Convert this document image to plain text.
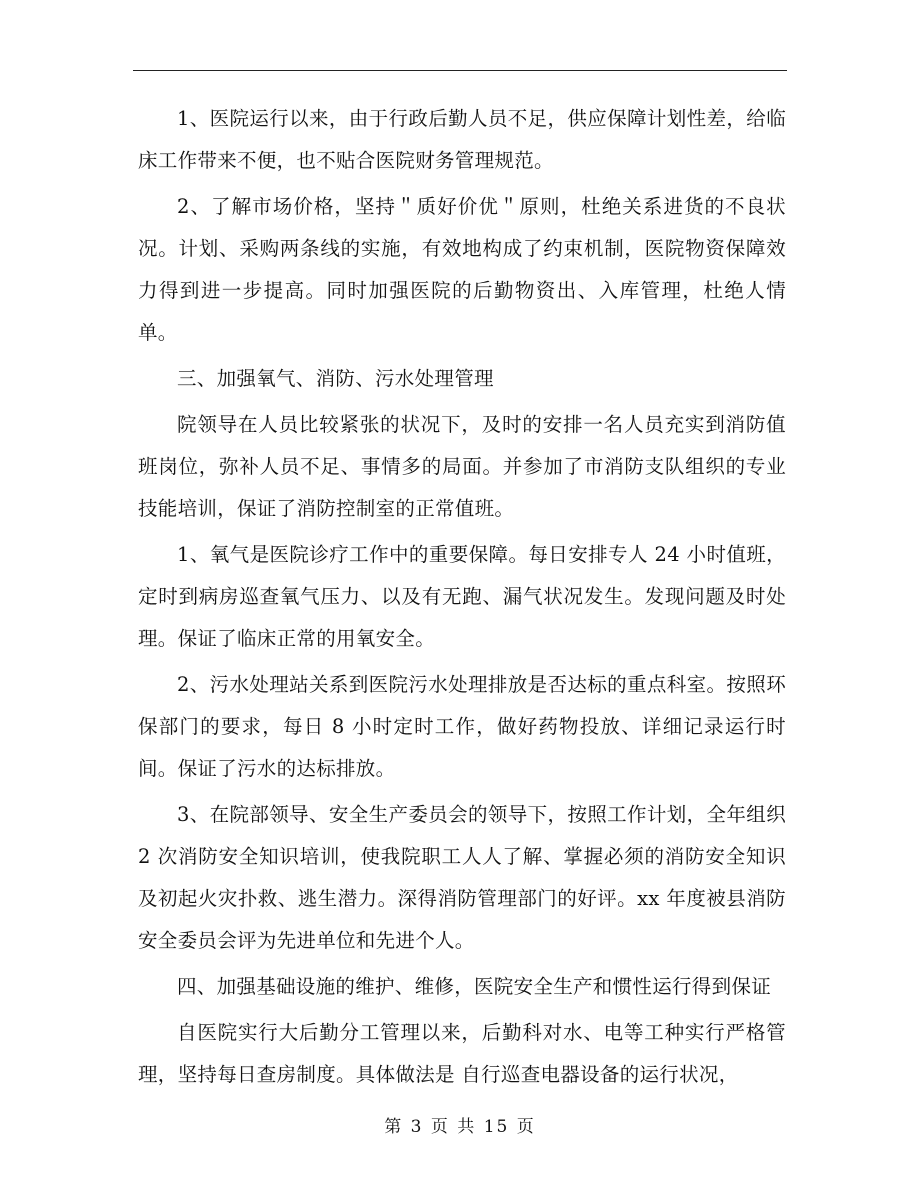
1、医院运行以来，由于行政后勤人员不足，供应保障计划性差，给临床工作带来不便，也不贴合医院财务管理规范。

2、了解市场价格，坚持＂质好价优＂原则，杜绝关系进货的不良状况。计划、采购两条线的实施，有效地构成了约束机制，医院物资保障效力得到进一步提高。同时加强医院的后勤物资出、入库管理，杜绝人情单。

三、加强氧气、消防、污水处理管理

院领导在人员比较紧张的状况下，及时的安排一名人员充实到消防值班岗位，弥补人员不足、事情多的局面。并参加了市消防支队组织的专业技能培训，保证了消防控制室的正常值班。

1、氧气是医院诊疗工作中的重要保障。每日安排专人 24 小时值班，定时到病房巡查氧气压力、以及有无跑、漏气状况发生。发现问题及时处理。保证了临床正常的用氧安全。

2、污水处理站关系到医院污水处理排放是否达标的重点科室。按照环保部门的要求，每日 8 小时定时工作，做好药物投放、详细记录运行时间。保证了污水的达标排放。

3、在院部领导、安全生产委员会的领导下，按照工作计划，全年组织 2 次消防安全知识培训，使我院职工人人了解、掌握必须的消防安全知识及初起火灾扑救、逃生潜力。深得消防管理部门的好评。xx 年度被县消防安全委员会评为先进单位和先进个人。

四、加强基础设施的维护、维修，医院安全生产和惯性运行得到保证

自医院实行大后勤分工管理以来，后勤科对水、电等工种实行严格管理，坚持每日查房制度。具体做法是 自行巡查电器设备的运行状况，

第 3 页 共 15 页
